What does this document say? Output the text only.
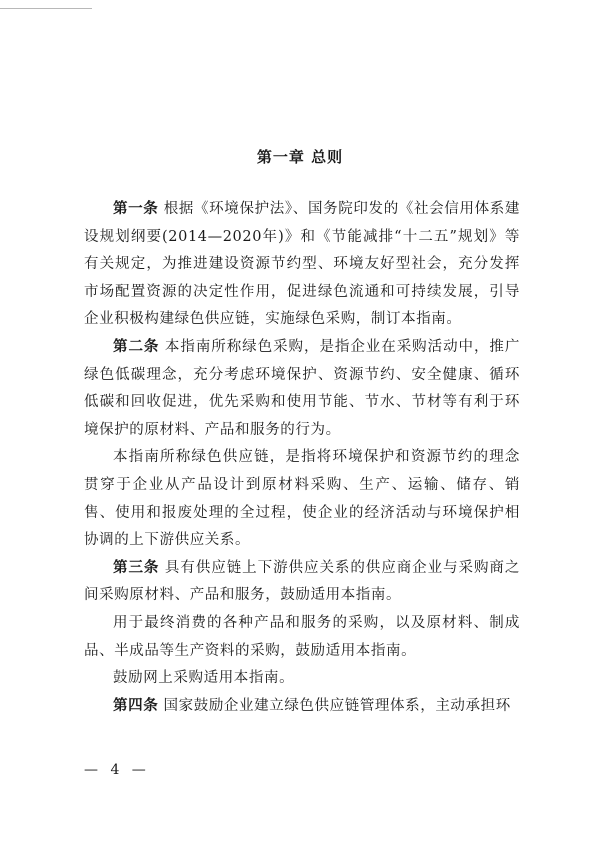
第一章 总则

第一条 根据《环境保护法》、国务院印发的《社会信用体系建设规划纲要(2014—2020年)》和《节能减排“十二五”规划》等有关规定，为推进建设资源节约型、环境友好型社会，充分发挥市场配置资源的决定性作用，促进绿色流通和可持续发展，引导企业积极构建绿色供应链，实施绿色采购，制订本指南。

第二条 本指南所称绿色采购，是指企业在采购活动中，推广绿色低碳理念，充分考虑环境保护、资源节约、安全健康、循环低碳和回收促进，优先采购和使用节能、节水、节材等有利于环境保护的原材料、产品和服务的行为。

本指南所称绿色供应链，是指将环境保护和资源节约的理念贯穿于企业从产品设计到原材料采购、生产、运输、储存、销售、使用和报废处理的全过程，使企业的经济活动与环境保护相协调的上下游供应关系。

第三条 具有供应链上下游供应关系的供应商企业与采购商之间采购原材料、产品和服务，鼓励适用本指南。

用于最终消费的各种产品和服务的采购，以及原材料、制成品、半成品等生产资料的采购，鼓励适用本指南。

鼓励网上采购适用本指南。

第四条 国家鼓励企业建立绿色供应链管理体系，主动承担环

— 4 —
